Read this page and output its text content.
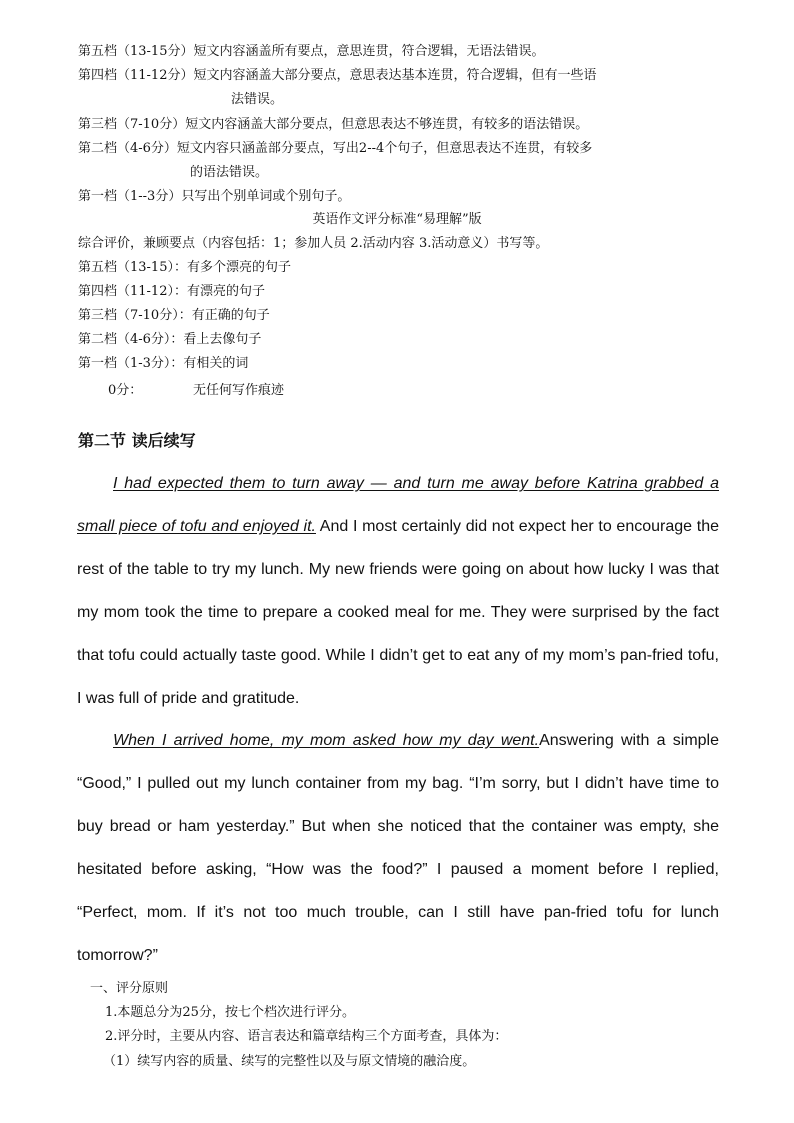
第五档（13-15分）短文内容涵盖所有要点，意思连贯，符合逻辑，无语法错误。
第四档（11-12分）短文内容涵盖大部分要点，意思表达基本连贯，符合逻辑，但有一些语
法错误。
第三档（7-10分）短文内容涵盖大部分要点，但意思表达不够连贯，有较多的语法错误。
第二档（4-6分）短文内容只涵盖部分要点，写出2--4个句子，但意思表达不连贯，有较多
的语法错误。
第一档（1--3分）只写出个别单词或个别句子。
英语作文评分标准“易理解”版
综合评价，兼顾要点（内容包括：1；参加人员 2.活动内容 3.活动意义）书写等。
第五档（13-15）：有多个漂亮的句子
第四档（11-12）：有漂亮的句子
第三档（7-10分）：有正确的句子
第二档（4-6分）：看上去像句子
第一档（1-3分）：有相关的词
0分：	无任何写作痕迹
第二节 读后续写

I had expected them to turn away — and turn me away before Katrina grabbed a small piece of tofu and enjoyed it. And I most certainly did not expect her to encourage the rest of the table to try my lunch. My new friends were going on about how lucky I was that my mom took the time to prepare a cooked meal for me. They were surprised by the fact that tofu could actually taste good. While I didn’t get to eat any of my mom’s pan-fried tofu, I was full of pride and gratitude.

When I arrived home, my mom asked how my day went.Answering with a simple “Good,” I pulled out my lunch container from my bag. “I’m sorry, but I didn’t have time to buy bread or ham yesterday.” But when she noticed that the container was empty, she hesitated before asking, “How was the food?” I paused a moment before I replied, “Perfect, mom. If it’s not too much trouble, can I still have pan-fried tofu for lunch tomorrow?”

一、评分原则
1.本题总分为25分，按七个档次进行评分。
2.评分时，主要从内容、语言表达和篇章结构三个方面考查，具体为：
（1）续写内容的质量、续写的完整性以及与原文情境的融洽度。
